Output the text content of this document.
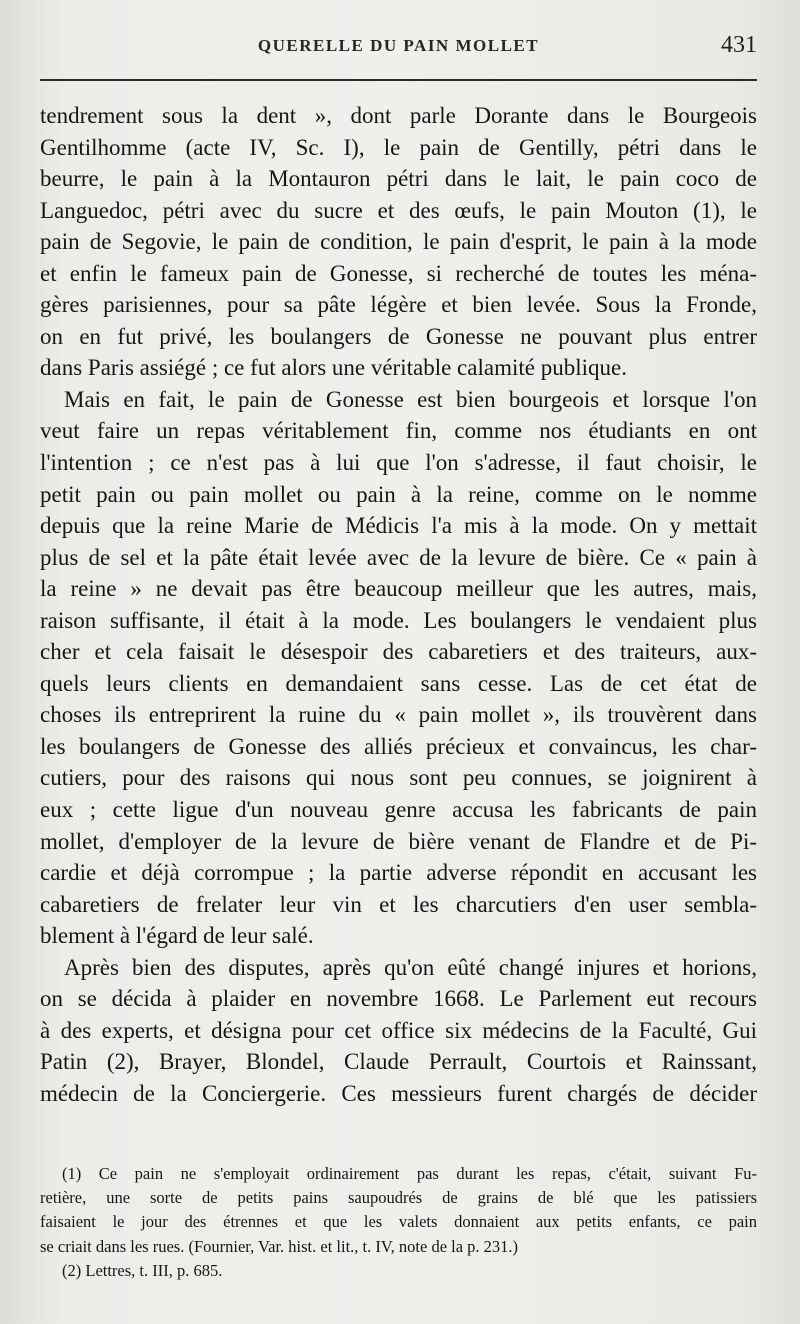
QUERELLE DU PAIN MOLLET	431
tendrement sous la dent », dont parle Dorante dans le Bourgeois
Gentilhomme (acte IV, Sc. I), le pain de Gentilly, pétri dans le
beurre, le pain à la Montauron pétri dans le lait, le pain coco de
Languedoc, pétri avec du sucre et des œufs, le pain Mouton (1), le
pain de Segovie, le pain de condition, le pain d'esprit, le pain à la mode
et enfin le fameux pain de Gonesse, si recherché de toutes les ména-
gères parisiennes, pour sa pâte légère et bien levée. Sous la Fronde,
on en fut privé, les boulangers de Gonesse ne pouvant plus entrer
dans Paris assiégé ; ce fut alors une véritable calamité publique.
Mais en fait, le pain de Gonesse est bien bourgeois et lorsque l'on
veut faire un repas véritablement fin, comme nos étudiants en ont
l'intention ; ce n'est pas à lui que l'on s'adresse, il faut choisir, le
petit pain ou pain mollet ou pain à la reine, comme on le nomme
depuis que la reine Marie de Médicis l'a mis à la mode. On y mettait
plus de sel et la pâte était levée avec de la levure de bière. Ce « pain à
la reine » ne devait pas être beaucoup meilleur que les autres, mais,
raison suffisante, il était à la mode. Les boulangers le vendaient plus
cher et cela faisait le désespoir des cabaretiers et des traiteurs, aux-
quels leurs clients en demandaient sans cesse. Las de cet état de
choses ils entreprirent la ruine du « pain mollet », ils trouvèrent dans
les boulangers de Gonesse des alliés précieux et convaincus, les char-
cutiers, pour des raisons qui nous sont peu connues, se joignirent à
eux ; cette ligue d'un nouveau genre accusa les fabricants de pain
mollet, d'employer de la levure de bière venant de Flandre et de Pi-
cardie et déjà corrompue ; la partie adverse répondit en accusant les
cabaretiers de frelater leur vin et les charcutiers d'en user sembla-
blement à l'égard de leur salé.
Après bien des disputes, après qu'on eûté changé injures et horions,
on se décida à plaider en novembre 1668. Le Parlement eut recours
à des experts, et désigna pour cet office six médecins de la Faculté, Gui
Patin (2), Brayer, Blondel, Claude Perrault, Courtois et Rainssant,
médecin de la Conciergerie. Ces messieurs furent chargés de décider
(1) Ce pain ne s'employait ordinairement pas durant les repas, c'était, suivant Fu-
retière, une sorte de petits pains saupoudrés de grains de blé que les patissiers
faisaient le jour des étrennes et que les valets donnaient aux petits enfants, ce pain
se criait dans les rues. (Fournier, Var. hist. et lit., t. IV, note de la p. 231.)
(2) Lettres, t. III, p. 685.
